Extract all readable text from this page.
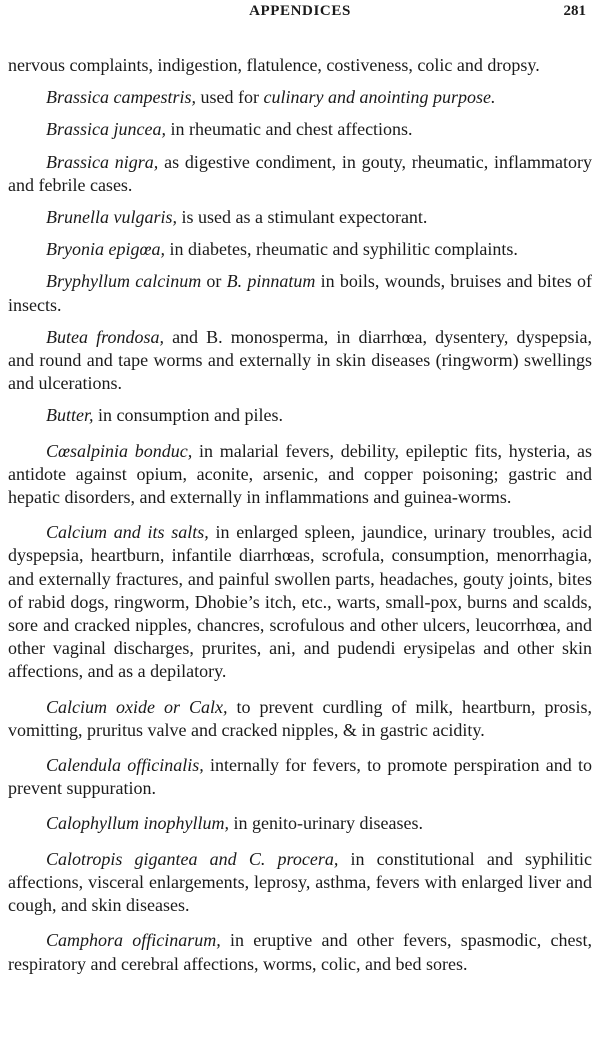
APPENDICES	281

nervous complaints, indigestion, flatulence, costiveness, colic and dropsy.

Brassica campestris, used for culinary and anointing purpose.

Brassica juncea, in rheumatic and chest affections.

Brassica nigra, as digestive condiment, in gouty, rheumatic, inflammatory and febrile cases.

Brunella vulgaris, is used as a stimulant expectorant.

Bryonia epigœa, in diabetes, rheumatic and syphilitic complaints.

Bryphyllum calcinum or B. pinnatum in boils, wounds, bruises and bites of insects.

Butea frondosa, and B. monosperma, in diarrhœa, dysentery, dyspepsia, and round and tape worms and externally in skin diseases (ringworm) swellings and ulcerations.

Butter, in consumption and piles.

Cœsalpinia bonduc, in malarial fevers, debility, epileptic fits, hysteria, as antidote against opium, aconite, arsenic, and copper poisoning; gastric and hepatic disorders, and externally in inflammations and guinea-worms.

Calcium and its salts, in enlarged spleen, jaundice, urinary troubles, acid dyspepsia, heartburn, infantile diarrhœas, scrofula, consumption, menorrhagia, and externally fractures, and painful swollen parts, headaches, gouty joints, bites of rabid dogs, ringworm, Dhobie’s itch, etc., warts, small-pox, burns and scalds, sore and cracked nipples, chancres, scrofulous and other ulcers, leucorrhœa, and other vaginal discharges, prurites, ani, and pudendi erysipelas and other skin affections, and as a depilatory.

Calcium oxide or Calx, to prevent curdling of milk, heartburn, prosis, vomitting, pruritus valve and cracked nipples, & in gastric acidity.

Calendula officinalis, internally for fevers, to promote perspiration and to prevent suppuration.

Calophyllum inophyllum, in genito-urinary diseases.

Calotropis gigantea and C. procera, in constitutional and syphilitic affections, visceral enlargements, leprosy, asthma, fevers with enlarged liver and cough, and skin diseases.

Camphora officinarum, in eruptive and other fevers, spasmodic, chest, respiratory and cerebral affections, worms, colic, and bed sores.
